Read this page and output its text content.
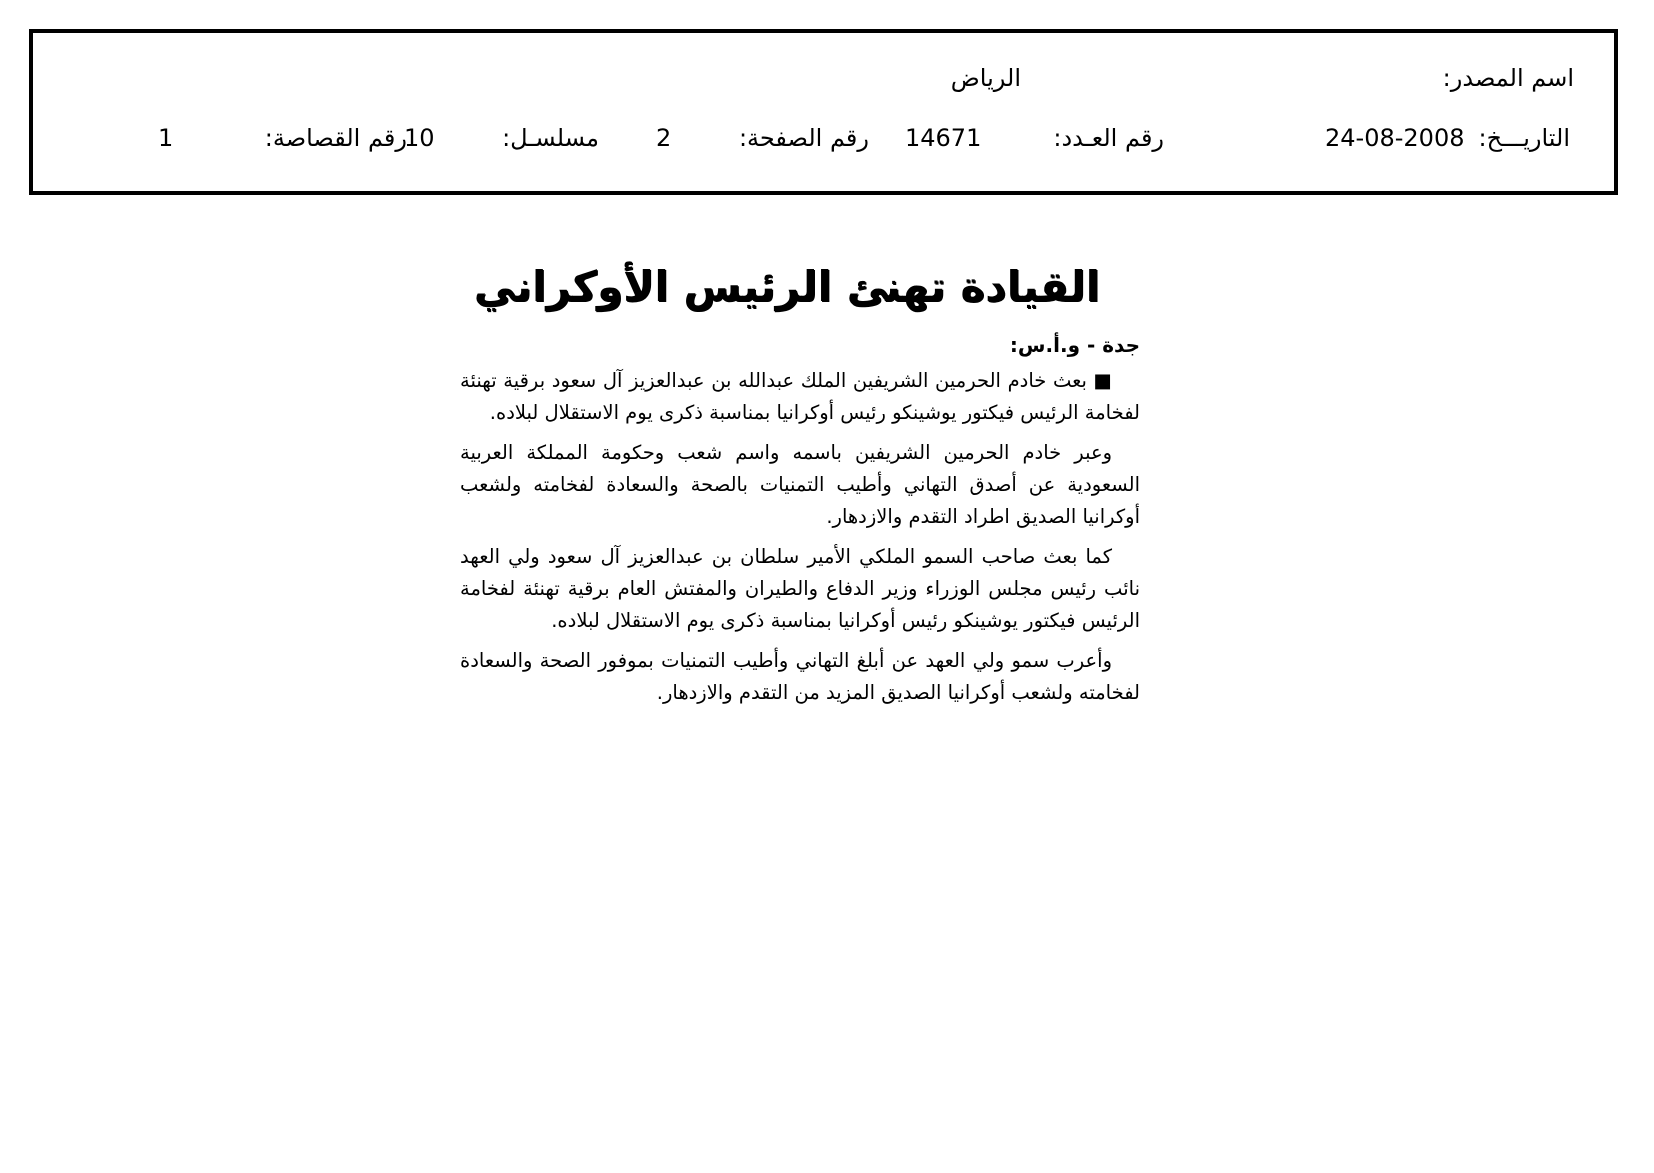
اسم المصدر:
الرياض
التاريـــخ:
24-08-2008
رقم العـدد:
14671
رقم الصفحة:
2
مسلسـل:
10
رقم القصاصة:
1
القيادة تهنئ الرئيس الأوكراني
جدة - و.أ.س:

■ بعث خادم الحرمين الشريفين الملك عبدالله بن عبدالعزيز آل سعود برقية تهنئة لفخامة الرئيس فيكتور يوشينكو رئيس أوكرانيا بمناسبة ذكرى يوم الاستقلال لبلاده.

وعبر خادم الحرمين الشريفين باسمه واسم شعب وحكومة المملكة العربية السعودية عن أصدق التهاني وأطيب التمنيات بالصحة والسعادة لفخامته ولشعب أوكرانيا الصديق اطراد التقدم والازدهار.

كما بعث صاحب السمو الملكي الأمير سلطان بن عبدالعزيز آل سعود ولي العهد نائب رئيس مجلس الوزراء وزير الدفاع والطيران والمفتش العام برقية تهنئة لفخامة الرئيس فيكتور يوشينكو رئيس أوكرانيا بمناسبة ذكرى يوم الاستقلال لبلاده.

وأعرب سمو ولي العهد عن أبلغ التهاني وأطيب التمنيات بموفور الصحة والسعادة لفخامته ولشعب أوكرانيا الصديق المزيد من التقدم والازدهار.
